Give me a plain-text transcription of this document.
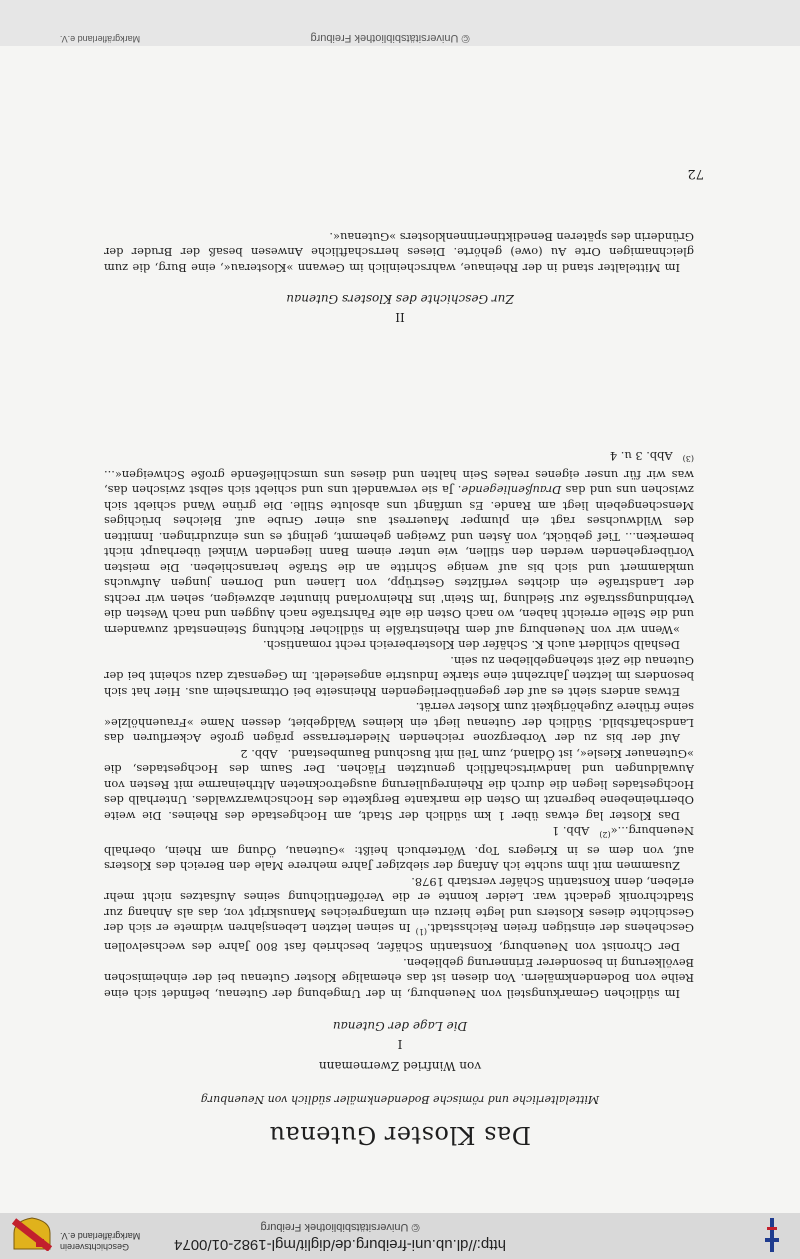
http://dl.ub.uni-freiburg.de/diglit/mgl-1982-01/0074
© Universitätsbibliothek Freiburg
Geschichtsverein
Markgräflerland e.V.
Das Kloster Gutenau
Mittelalterliche und römische Bodendenkmäler südlich von Neuenburg
von Winfried Zwernemann
I
Die Lage der Gutenau

Im südlichen Gemarkungsteil von Neuenburg, in der Umgebung der Gutenau, befindet sich eine Reihe von Bodendenkmälern. Von diesen ist das ehemalige Kloster Gutenau bei der einheimischen Bevölkerung in besonderer Erinnerung geblieben.

Der Chronist von Neuenburg, Konstantin Schäfer, beschrieb fast 800 Jahre des wechselvollen Geschehens der einstigen freien Reichsstadt.$^{(1)}$ In seinen letzten Lebensjahren widmete er sich der Geschichte dieses Klosters und legte hierzu ein umfangreiches Manuskript vor, das als Anhang zur Stadtchronik gedacht war. Leider konnte er die Veröffentlichung seines Aufsatzes nicht mehr erleben, denn Konstantin Schäfer verstarb 1978.

Zusammen mit ihm suchte ich Anfang der siebziger Jahre mehrere Male den Bereich des Klosters auf, von dem es in Kriegers Top. Wörterbuch heißt: »Gutenau, Ödung am Rhein, oberhalb Neuenburg...«$^{(2)}$Abb. 1

Das Kloster lag etwas über 1 km südlich der Stadt, am Hochgestade des Rheines. Die weite Oberrheinebene begrenzt im Osten die markante Bergkette des Hochschwarzwaldes. Unterhalb des Hochgestades liegen die durch die Rheinregulierung ausgetrockneten Altrheinarme mit Resten von Auwaldungen und landwirtschaftlich genutzten Flächen. Der Saum des Hochgestades, die »Gutenauer Kiesle«, ist Ödland, zum Teil mit Buschund Baumbestand.Abb. 2

Auf der bis zu der Vorbergzone reichenden Niederterrasse prägen große Ackerfluren das Landschaftsbild. Südlich der Gutenau liegt ein kleines Waldgebiet, dessen Name »Frauenhölzle« seine frühere Zugehörigkeit zum Kloster verrät.

Etwas anders sieht es auf der gegenüberliegenden Rheinseite bei Ottmarsheim aus. Hier hat sich besonders im letzten Jahrzehnt eine starke Industrie angesiedelt. Im Gegensatz dazu scheint bei der Gutenau die Zeit stehengeblieben zu sein.

Deshalb schildert auch K. Schäfer den Klosterbereich recht romantisch.

»Wenn wir von Neuenburg auf dem Rheinstraßle in südlicher Richtung Steinenstadt zuwandern und die Stelle erreicht haben, wo nach Osten die alte Fahrstraße nach Auggen und nach Westen die Verbindungsstraße zur Siedlung 'Im Stein' ins Rheinvorland hinunter abzweigen, sehen wir rechts der Landstraße ein dichtes verfilztes Gestrüpp, von Lianen und Dornen jungen Aufwuchs umklammert und sich bis auf wenige Schritte an die Straße heranschieben. Die meisten Vorübergehenden werden den stillen, wie unter einem Bann liegenden Winkel überhaupt nicht bemerken... Tief gebückt, von Ästen und Zweigen gehemmt, gelingt es uns einzudringen. Inmitten des Wildwuchses ragt ein plumper Mauerrest aus einer Grube auf. Bleiches brüchiges Menschengebein liegt am Rande. Es umfängt uns absolute Stille. Die grüne Wand schiebt sich zwischen uns und das Draußenliegende. Ja sie verwandelt uns und schiebt sich selbst zwischen das, was wir für unser eigenes reales Sein halten und dieses uns umschließende große Schweigen«...$^{(3)}$Abb. 3 u. 4

II
Zur Geschichte des Klosters Gutenau

Im Mittelalter stand in der Rheinaue, wahrscheinlich im Gewann »Klosterau«, eine Burg, die zum gleichnamigen Orte Au (owe) gehörte. Dieses herrschaftliche Anwesen besaß der Bruder der Gründerin des späteren Benediktinerinnenklosters »Gutenau«.

72
© Universitätsbibliothek Freiburg
Markgräflerland e.V.
